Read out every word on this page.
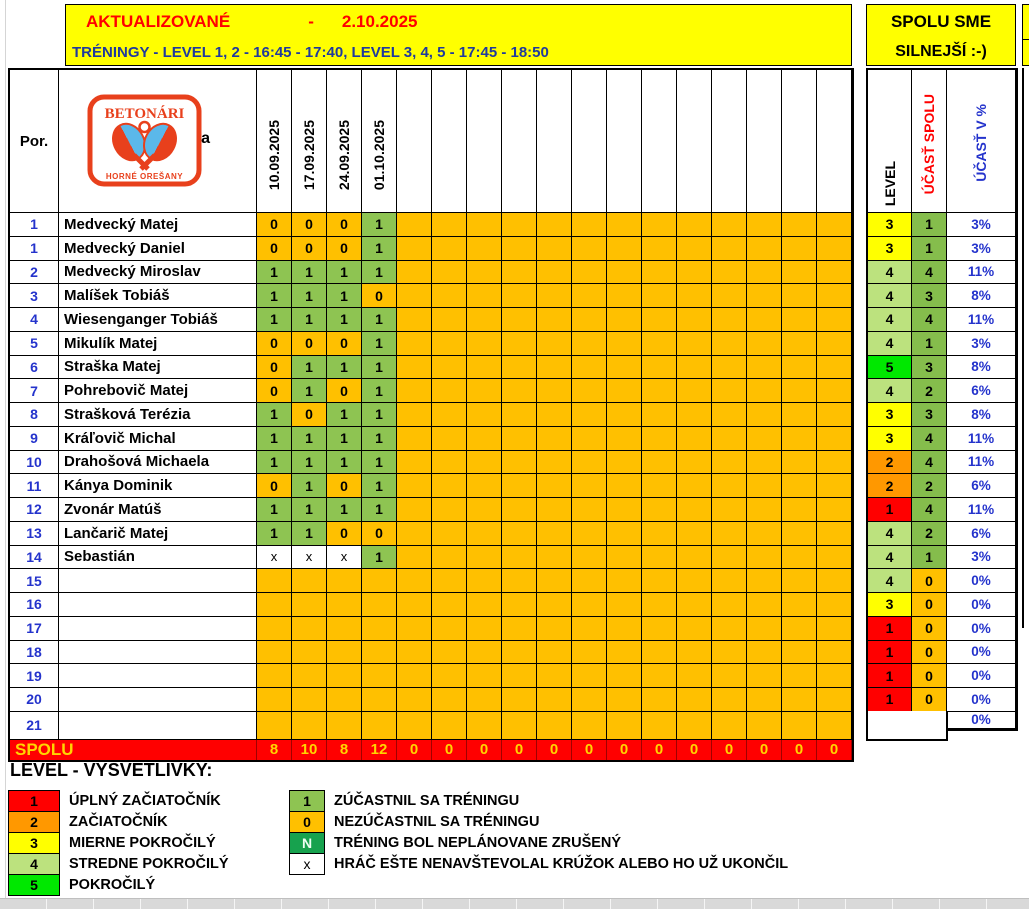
AKTUALIZOVANÉ	- 2.10.2025
TRÉNINGY - LEVEL 1, 2 - 16:45 - 17:40, LEVEL 3, 4, 5 - 17:45 - 18:50
SPOLU SME
SILNEJŠÍ :-)
Por.	a
BETONÁRI
HORNÉ OREŠANY	10.09.2025 17.09.2025 24.09.2025 01.10.2025
1	Medvecký Matej	0	0	0	1
1	Medvecký Daniel	0	0	0	1
2	Medvecký Miroslav	1	1	1	1
3	Malíšek Tobiáš	1	1	1	0
4	Wiesenganger Tobiáš	1	1	1	1
5	Mikulík Matej	0	0	0	1
6	Straška Matej	0	1	1	1
7	Pohrebovič Matej	0	1	0	1
8	Strašková Terézia	1	0	1	1
9	Kráľovič Michal	1	1	1	1
10	Drahošová Michaela	1	1	1	1
11	Kánya Dominik	0	1	0	1
12	Zvonár Matúš	1	1	1	1
13	Lančarič Matej	1	1	0	0
14	Sebastián	x	x	x	1
15
16
17
18
19
20
21
SPOLU	8	10	8	12	0	0	0	0	0	0	0	0	0	0	0	0	0
LEVEL ÚČASŤ SPOLU	ÚČASŤ V %
3	1	3%
3	1	3%
4	4	11%
4	3	8%
4	4	11%
4	1	3%
5	3	8%
4	2	6%
3	3	8%
3	4	11%
2	4	11%
2	2	6%
1	4	11%
4	2	6%
4	1	3%
4	0	0%
3	0	0%
1	0	0%
1	0	0%
1	0	0%
1	0	0%
0%
LEVEL - VYSVETLIVKY:
1	ÚPLNÝ ZAČIATOČNÍK
2	ZAČIATOČNÍK
3	MIERNE POKROČILÝ
4	STREDNE POKROČILÝ
5	POKROČILÝ
1	ZÚČASTNIL SA TRÉNINGU
0	NEZÚČASTNIL SA TRÉNINGU
N	TRÉNING BOL NEPLÁNOVANE ZRUŠENÝ
x	HRÁČ EŠTE NENAVŠTEVOLAL KRÚŽOK ALEBO HO UŽ UKONČIL
